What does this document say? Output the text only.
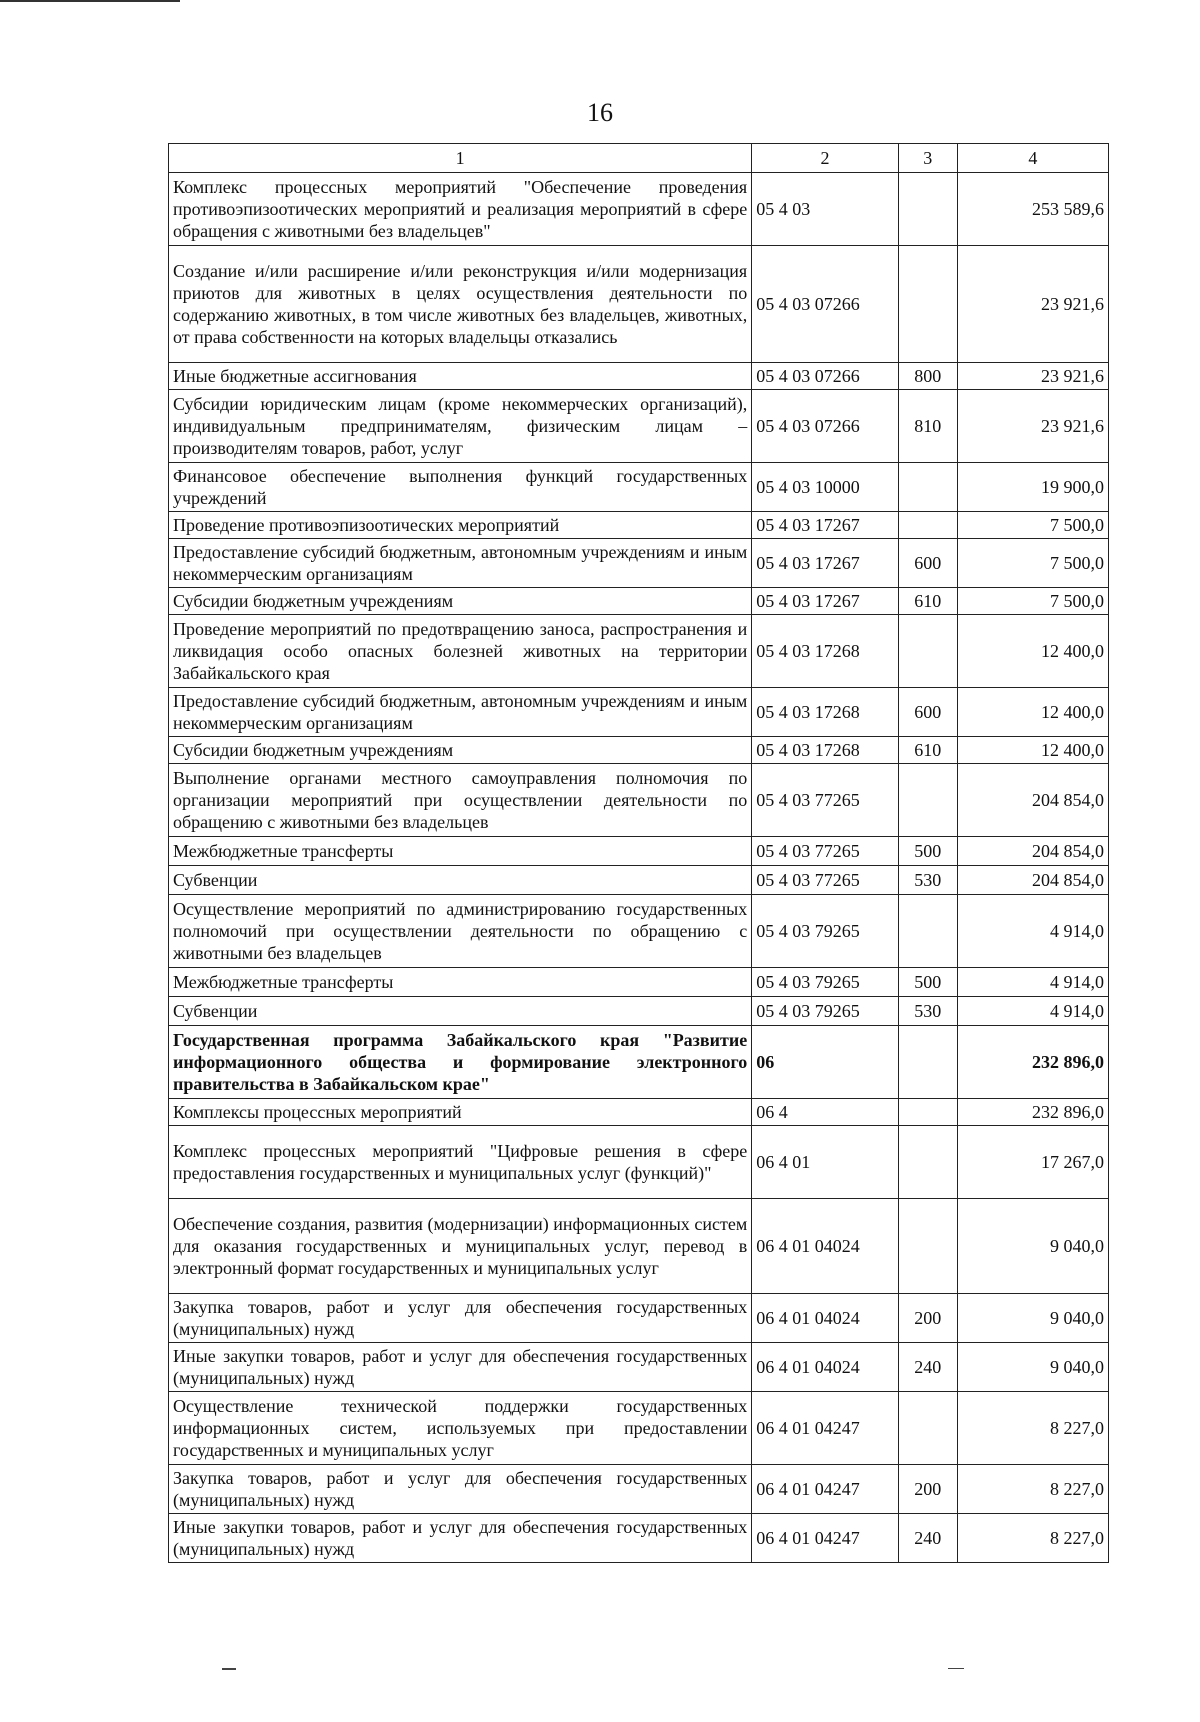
16
1	2	3	4
Комплекс процессных мероприятий "Обеспечение проведения противоэпизоотических мероприятий и реализация мероприятий в сфере обращения с животными без владельцев"	05 4 03		253 589,6
Создание и/или расширение и/или реконструкция и/или модернизация приютов для животных в целях осуществления деятельности по содержанию животных, в том числе животных без владельцев, животных, от права собственности на которых владельцы отказались	05 4 03 07266		23 921,6
Иные бюджетные ассигнования	05 4 03 07266	800	23 921,6
Субсидии юридическим лицам (кроме некоммерческих организаций), индивидуальным предпринимателям, физическим лицам – производителям товаров, работ, услуг	05 4 03 07266	810	23 921,6
Финансовое обеспечение выполнения функций государственных учреждений	05 4 03 10000		19 900,0
Проведение противоэпизоотических мероприятий	05 4 03 17267		7 500,0
Предоставление субсидий бюджетным, автономным учреждениям и иным некоммерческим организациям	05 4 03 17267	600	7 500,0
Субсидии бюджетным учреждениям	05 4 03 17267	610	7 500,0
Проведение мероприятий по предотвращению заноса, распространения и ликвидация особо опасных болезней животных на территории Забайкальского края	05 4 03 17268		12 400,0
Предоставление субсидий бюджетным, автономным учреждениям и иным некоммерческим организациям	05 4 03 17268	600	12 400,0
Субсидии бюджетным учреждениям	05 4 03 17268	610	12 400,0
Выполнение органами местного самоуправления полномочия по организации мероприятий при осуществлении деятельности по обращению с животными без владельцев	05 4 03 77265		204 854,0
Межбюджетные трансферты	05 4 03 77265	500	204 854,0
Субвенции	05 4 03 77265	530	204 854,0
Осуществление мероприятий по администрированию государственных полномочий при осуществлении деятельности по обращению с животными без владельцев	05 4 03 79265		4 914,0
Межбюджетные трансферты	05 4 03 79265	500	4 914,0
Субвенции	05 4 03 79265	530	4 914,0
Государственная программа Забайкальского края "Развитие информационного общества и формирование электронного правительства в Забайкальском крае"	06		232 896,0
Комплексы процессных мероприятий	06 4		232 896,0
Комплекс процессных мероприятий "Цифровые решения в сфере предоставления государственных и муниципальных услуг (функций)"	06 4 01		17 267,0
Обеспечение создания, развития (модернизации) информационных систем для оказания государственных и муниципальных услуг, перевод в электронный формат государственных и муниципальных услуг	06 4 01 04024		9 040,0
Закупка товаров, работ и услуг для обеспечения государственных (муниципальных) нужд	06 4 01 04024	200	9 040,0
Иные закупки товаров, работ и услуг для обеспечения государственных (муниципальных) нужд	06 4 01 04024	240	9 040,0
Осуществление технической поддержки государственных информационных систем, используемых при предоставлении государственных и муниципальных услуг	06 4 01 04247		8 227,0
Закупка товаров, работ и услуг для обеспечения государственных (муниципальных) нужд	06 4 01 04247	200	8 227,0
Иные закупки товаров, работ и услуг для обеспечения государственных (муниципальных) нужд	06 4 01 04247	240	8 227,0
